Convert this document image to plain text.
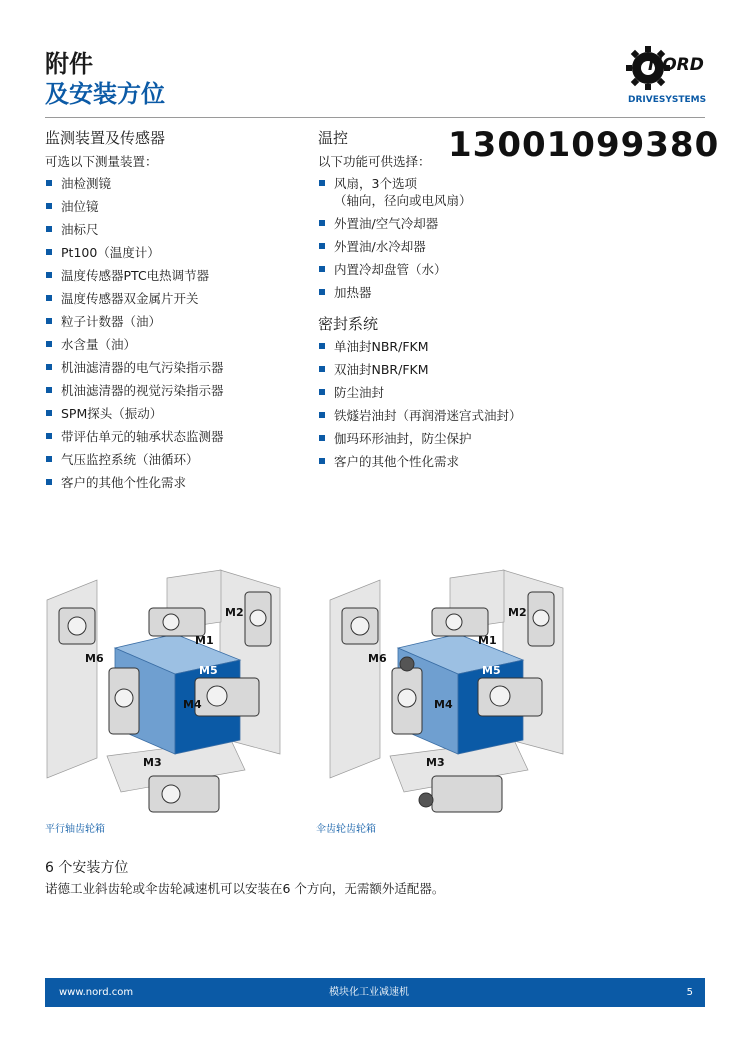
附件
及安装方位
NORD
DRIVESYSTEMS
13001099380
监测装置及传感器
可选以下测量装置：
油检测镜
油位镜
油标尺
Pt100（温度计）
温度传感器PTC电热调节器
温度传感器双金属片开关
粒子计数器（油）
水含量（油）
机油滤清器的电气污染指示器
机油滤清器的视觉污染指示器
SPM探头（振动）
带评估单元的轴承状态监测器
气压监控系统（油循环）
客户的其他个性化需求
温控
以下功能可供选择：
风扇，3个选项
（轴向，径向或电风扇）
外置油/空气冷却器
外置油/水冷却器
内置冷却盘管（水）
加热器
密封系统
单油封NBR/FKM
双油封NBR/FKM
防尘油封
铁燧岩油封（再润滑迷宫式油封）
伽玛环形油封，防尘保护
客户的其他个性化需求
M1
M2
M3
M4
M5
M6
M1
M2
M3
M4
M5
M6
平行轴齿轮箱	伞齿轮齿轮箱
6 个安装方位
诺德工业斜齿轮或伞齿轮减速机可以安装在6 个方向，无需额外适配器。
www.nord.com	模块化工业减速机	5
